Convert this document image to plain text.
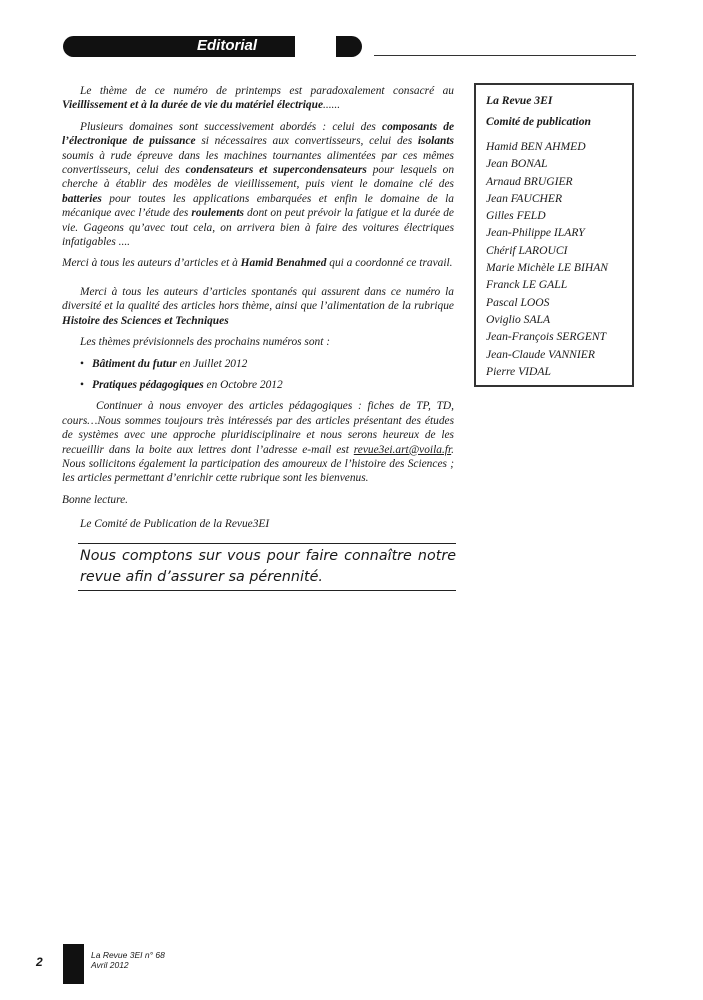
Editorial

Le thème de ce numéro de printemps est paradoxalement consacré au Vieillissement et à la durée de vie du matériel électrique......

Plusieurs domaines sont successivement abordés : celui des composants de l’électronique de puissance si nécessaires aux convertisseurs, celui des isolants soumis à rude épreuve dans les machines tournantes alimentées par ces mêmes convertisseurs, celui des condensateurs et supercondensateurs pour lesquels on cherche à établir des modèles de vieillissement, puis vient le domaine clé des batteries pour toutes les applications embarquées et enfin le domaine de la mécanique avec l’étude des roulements dont on peut prévoir la fatigue et la durée de vie. Gageons qu’avec tout cela, on arrivera bien à faire des voitures électriques infatigables ....

Merci à tous les auteurs d’articles et à Hamid Benahmed qui a coordonné ce travail.

Merci à tous les auteurs d’articles spontanés qui assurent dans ce numéro la diversité et la qualité des articles hors thème, ainsi que l’alimentation de la rubrique Histoire des Sciences et Techniques

Les thèmes prévisionnels des prochains numéros sont :

• Bâtiment du futur en Juillet 2012
• Pratiques pédagogiques en Octobre 2012

Continuer à nous envoyer des articles pédagogiques : fiches de TP, TD, cours…Nous sommes toujours très intéressés par des articles présentant des études de systèmes avec une approche pluridisciplinaire et nous serons heureux de les recueillir dans la boite aux lettres dont l’adresse e-mail est revue3ei.art@voila.fr. Nous sollicitons également la participation des amoureux de l’histoire des Sciences ; les articles permettant d’enrichir cette rubrique sont les bienvenus.

Bonne lecture.

Le Comité de Publication de la Revue3EI
Nous comptons sur vous pour faire connaître notre revue afin d’assurer sa pérennité.
La Revue 3EI
Comité de publication
Hamid BEN AHMED
Jean BONAL
Arnaud BRUGIER
Jean FAUCHER
Gilles FELD
Jean-Philippe ILARY
Chérif LAROUCI
Marie Michèle LE BIHAN
Franck LE GALL
Pascal LOOS
Oviglio SALA
Jean-François SERGENT
Jean-Claude VANNIER
Pierre VIDAL
2	La Revue 3EI n° 68
Avril 2012
